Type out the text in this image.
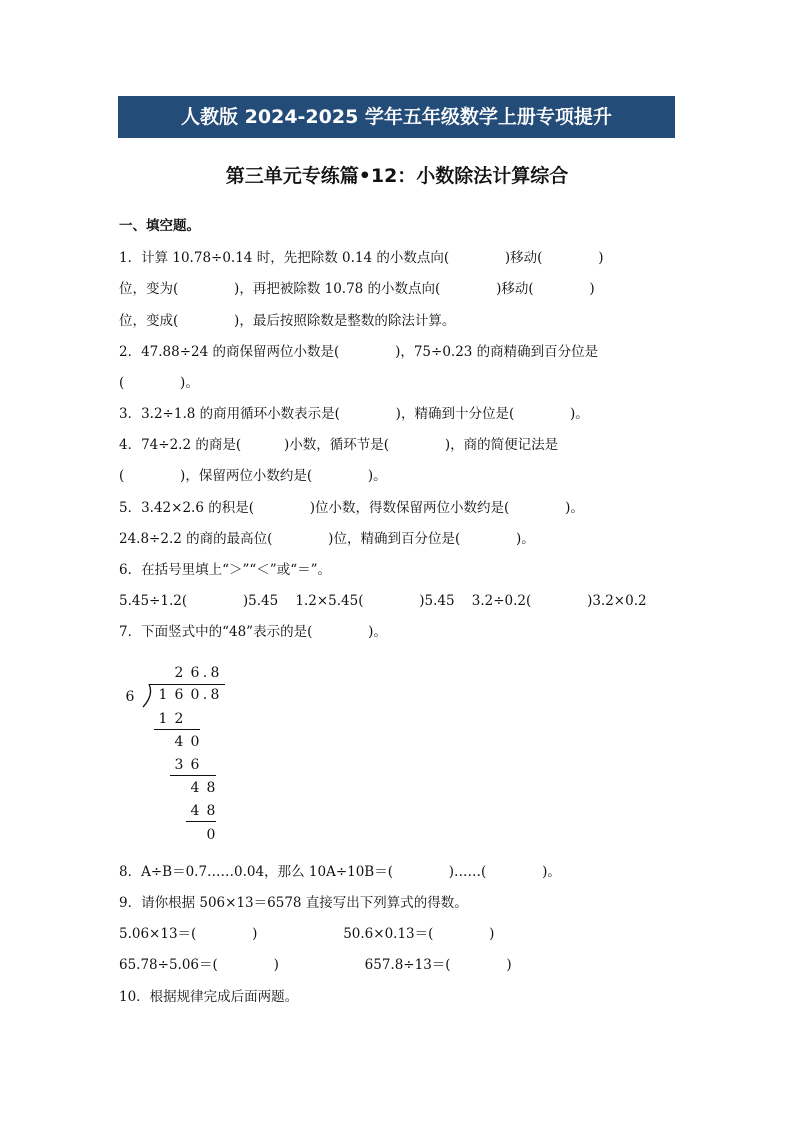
人教版 2024-2025 学年五年级数学上册专项提升
第三单元专练篇•12：小数除法计算综合
一、填空题。
1．计算 10.78÷0.14 时，先把除数 0.14 的小数点向(             )移动(             )
位，变为(             )，再把被除数 10.78 的小数点向(             )移动(             )
位，变成(             )，最后按照除数是整数的除法计算。
2．47.88÷24 的商保留两位小数是(             )，75÷0.23 的商精确到百分位是
(             )。
3．3.2÷1.8 的商用循环小数表示是(             )，精确到十分位是(             )。
4．74÷2.2 的商是(          )小数，循环节是(             )，商的简便记法是
(             )，保留两位小数约是(             )。
5．3.42×2.6 的积是(             )位小数，得数保留两位小数约是(             )。
24.8÷2.2 的商的最高位(             )位，精确到百分位是(             )。
6．在括号里填上“＞”“＜”或“＝”。
5.45÷1.2(             )5.45    1.2×5.45(             )5.45    3.2÷0.2(             )3.2×0.2
7．下面竖式中的“48”表示的是(             )。
2 6 . 8
6 1 6 0 . 8
1 2
4 0
3 6
4 8
4 8
0
8．A÷B＝0.7……0.04，那么 10A÷10B＝(             )……(             )。
9．请你根据 506×13＝6578 直接写出下列算式的得数。
5.06×13＝(             )                    50.6×0.13＝(             )
65.78÷5.06＝(             )                    657.8÷13＝(             )
10．根据规律完成后面两题。
